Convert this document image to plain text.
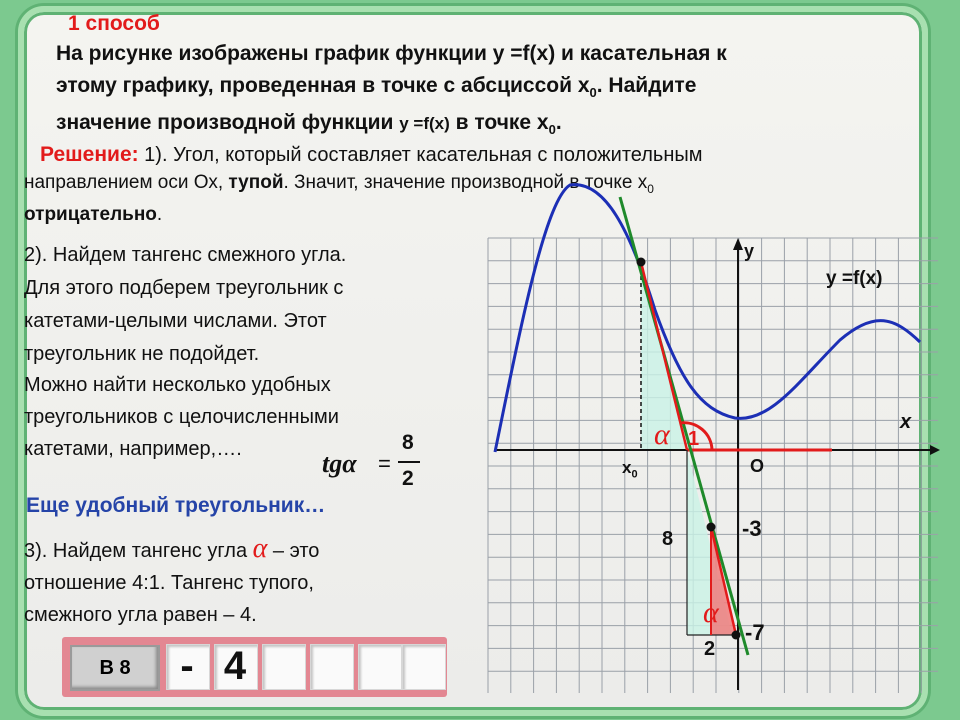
1 способ
На рисунке изображены график функции у =f(x) и касательная к
этому графику, проведенная в точке с абсциссой $х_0$. Найдите
значение производной функции у =f(x) в точке $х_0$.
Решение: 1). Угол, который составляет касательная с положительным
направлением оси Ох, тупой. Значит, значение производной в точке $х_0$
отрицательно.
2). Найдем тангенс смежного угла.
Для этого подберем треугольник с
катетами-целыми числами. Этот
треугольник не подойдет.
Можно найти несколько удобных
треугольников с целочисленными
катетами, например,….	tgα =
8
2
Еще удобный треугольник…
3). Найдем тангенс угла α – это
отношение 4:1. Тангенс тупого,
смежного угла равен – 4.
y
x
O
$x_0$
у =f(x)
α 1
8
2
-3
-7
α
В 8	- 4
